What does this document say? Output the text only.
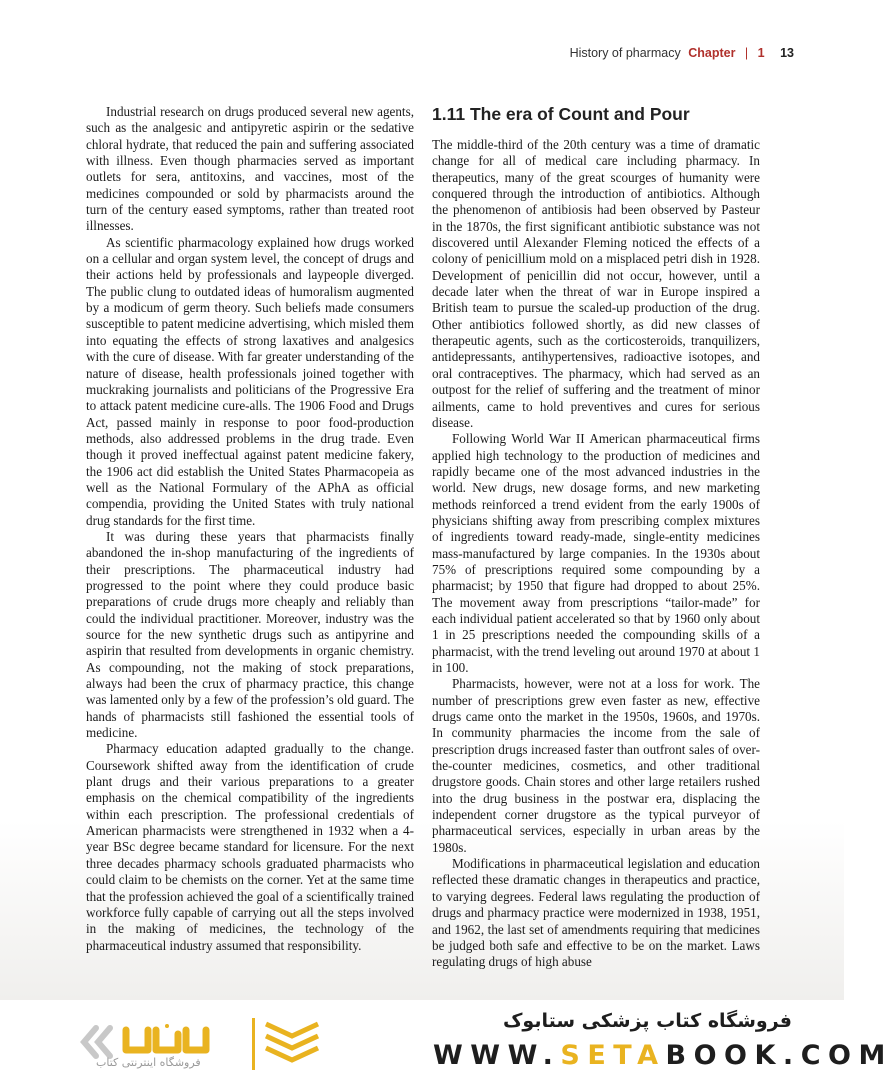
History of pharmacy Chapter | 1 13

Industrial research on drugs produced several new agents, such as the analgesic and antipyretic aspirin or the sedative chloral hydrate, that reduced the pain and suffering associated with illness. Even though pharmacies served as important outlets for sera, antitoxins, and vaccines, most of the medicines compounded or sold by pharmacists around the turn of the century eased symptoms, rather than treated root illnesses.

As scientific pharmacology explained how drugs worked on a cellular and organ system level, the concept of drugs and their actions held by professionals and laypeople diverged. The public clung to outdated ideas of humoralism augmented by a modicum of germ theory. Such beliefs made consumers susceptible to patent medicine advertising, which misled them into equating the effects of strong laxatives and analgesics with the cure of disease. With far greater understanding of the nature of disease, health professionals joined together with muckraking journalists and politicians of the Progressive Era to attack patent medicine cure-alls. The 1906 Food and Drugs Act, passed mainly in response to poor food-production methods, also addressed problems in the drug trade. Even though it proved ineffectual against patent medicine fakery, the 1906 act did establish the United States Pharmacopeia as well as the National Formulary of the APhA as official compendia, providing the United States with truly national drug standards for the first time.

It was during these years that pharmacists finally abandoned the in-shop manufacturing of the ingredients of their prescriptions. The pharmaceutical industry had progressed to the point where they could produce basic preparations of crude drugs more cheaply and reliably than could the individual practitioner. Moreover, industry was the source for the new synthetic drugs such as antipyrine and aspirin that resulted from developments in organic chemistry. As compounding, not the making of stock preparations, always had been the crux of pharmacy practice, this change was lamented only by a few of the profession’s old guard. The hands of pharmacists still fashioned the essential tools of medicine.

Pharmacy education adapted gradually to the change. Coursework shifted away from the identification of crude plant drugs and their various preparations to a greater emphasis on the chemical compatibility of the ingredients within each prescription. The professional credentials of American pharmacists were strengthened in 1932 when a 4-year BSc degree became standard for licensure. For the next three decades pharmacy schools graduated pharmacists who could claim to be chemists on the corner. Yet at the same time that the profession achieved the goal of a scientifically trained workforce fully capable of carrying out all the steps involved in the making of medicines, the technology of the pharmaceutical industry assumed that responsibility.

1.11 The era of Count and Pour

The middle-third of the 20th century was a time of dramatic change for all of medical care including pharmacy. In therapeutics, many of the great scourges of humanity were conquered through the introduction of antibiotics. Although the phenomenon of antibiosis had been observed by Pasteur in the 1870s, the first significant antibiotic substance was not discovered until Alexander Fleming noticed the effects of a colony of penicillium mold on a misplaced petri dish in 1928. Development of penicillin did not occur, however, until a decade later when the threat of war in Europe inspired a British team to pursue the scaled-up production of the drug. Other antibiotics followed shortly, as did new classes of therapeutic agents, such as the corticosteroids, tranquilizers, antidepressants, antihypertensives, radioactive isotopes, and oral contraceptives. The pharmacy, which had served as an outpost for the relief of suffering and the treatment of minor ailments, came to hold preventives and cures for serious disease.

Following World War II American pharmaceutical firms applied high technology to the production of medicines and rapidly became one of the most advanced industries in the world. New drugs, new dosage forms, and new marketing methods reinforced a trend evident from the early 1900s of physicians shifting away from prescribing complex mixtures of ingredients toward ready-made, single-entity medicines mass-manufactured by large companies. In the 1930s about 75% of prescriptions required some compounding by a pharmacist; by 1950 that figure had dropped to about 25%. The movement away from prescriptions “tailor-made” for each individual patient accelerated so that by 1960 only about 1 in 25 prescriptions needed the compounding skills of a pharmacist, with the trend leveling out around 1970 at about 1 in 100.

Pharmacists, however, were not at a loss for work. The number of prescriptions grew even faster as new, effective drugs came onto the market in the 1950s, 1960s, and 1970s. In community pharmacies the income from the sale of prescription drugs increased faster than outfront sales of over-the-counter medicines, cosmetics, and other traditional drugstore goods. Chain stores and other large retailers rushed into the drug business in the postwar era, displacing the independent corner drugstore as the typical purveyor of pharmaceutical services, especially in urban areas by the 1980s.

Modifications in pharmaceutical legislation and education reflected these dramatic changes in therapeutics and practice, to varying degrees. Federal laws regulating the production of drugs and pharmacy practice were modernized in 1938, 1951, and 1962, the last set of amendments requiring that medicines be judged both safe and effective to be on the market. Laws regulating drugs of high abuse

فروشگاه اینترنتی کتاب
فروشگاه کتاب پزشکی ستابوک
WWW.SETABOOK.COM
